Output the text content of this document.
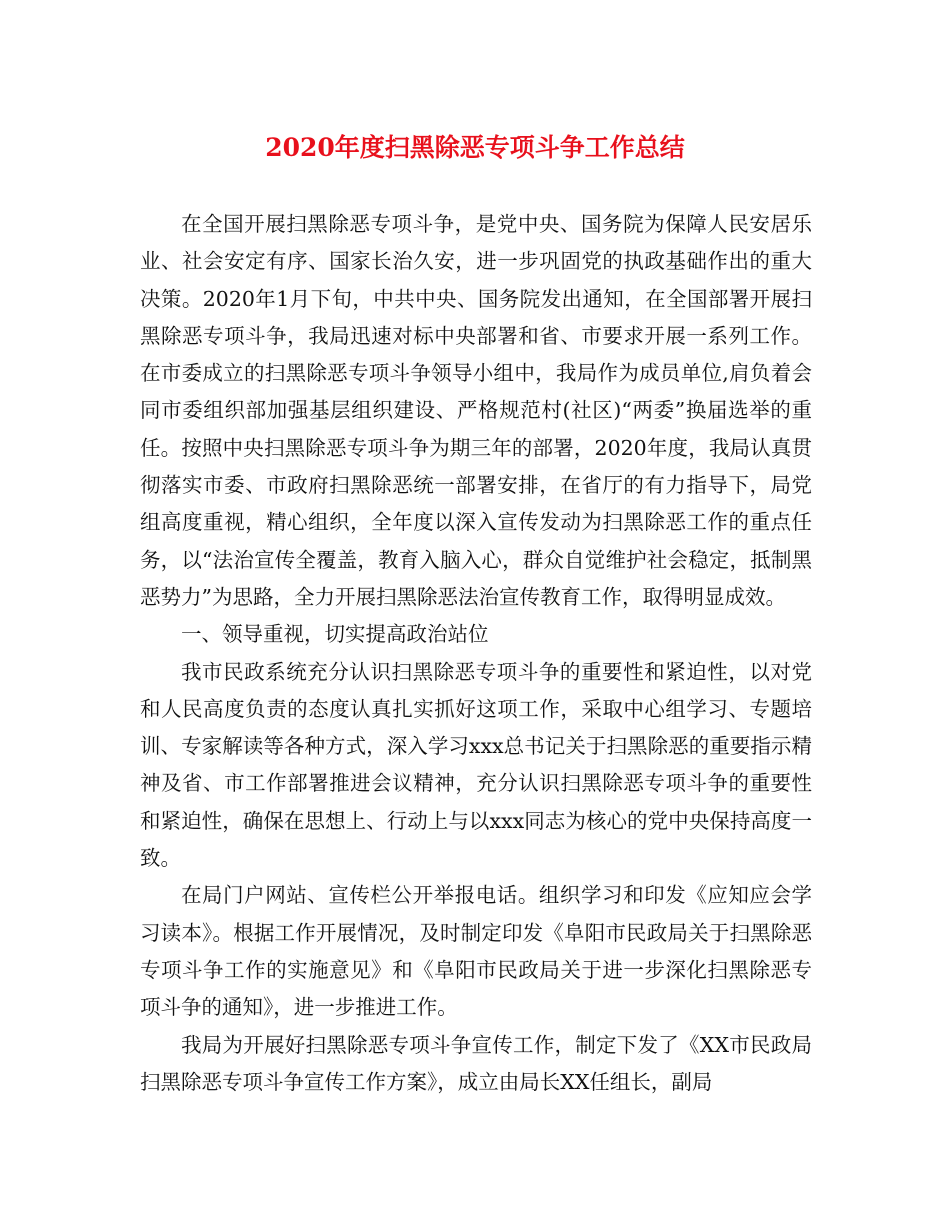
2020年度扫黑除恶专项斗争工作总结

在全国开展扫黑除恶专项斗争，是党中央、国务院为保障人民安居乐业、社会安定有序、国家长治久安，进一步巩固党的执政基础作出的重大决策。2020年1月下旬，中共中央、国务院发出通知，在全国部署开展扫黑除恶专项斗争，我局迅速对标中央部署和省、市要求开展一系列工作。在市委成立的扫黑除恶专项斗争领导小组中，我局作为成员单位,肩负着会同市委组织部加强基层组织建设、严格规范村(社区)“两委”换届选举的重任。按照中央扫黑除恶专项斗争为期三年的部署，2020年度，我局认真贯彻落实市委、市政府扫黑除恶统一部署安排，在省厅的有力指导下，局党组高度重视，精心组织，全年度以深入宣传发动为扫黑除恶工作的重点任务，以“法治宣传全覆盖，教育入脑入心，群众自觉维护社会稳定，抵制黑恶势力”为思路，全力开展扫黑除恶法治宣传教育工作，取得明显成效。

一、领导重视，切实提高政治站位

我市民政系统充分认识扫黑除恶专项斗争的重要性和紧迫性，以对党和人民高度负责的态度认真扎实抓好这项工作，采取中心组学习、专题培训、专家解读等各种方式，深入学习xxx总书记关于扫黑除恶的重要指示精神及省、市工作部署推进会议精神，充分认识扫黑除恶专项斗争的重要性和紧迫性，确保在思想上、行动上与以xxx同志为核心的党中央保持高度一致。

在局门户网站、宣传栏公开举报电话。组织学习和印发《应知应会学习读本》。根据工作开展情况，及时制定印发《阜阳市民政局关于扫黑除恶专项斗争工作的实施意见》和《阜阳市民政局关于进一步深化扫黑除恶专项斗争的通知》，进一步推进工作。

我局为开展好扫黑除恶专项斗争宣传工作，制定下发了《XX市民政局扫黑除恶专项斗争宣传工作方案》，成立由局长XX任组长，副局
